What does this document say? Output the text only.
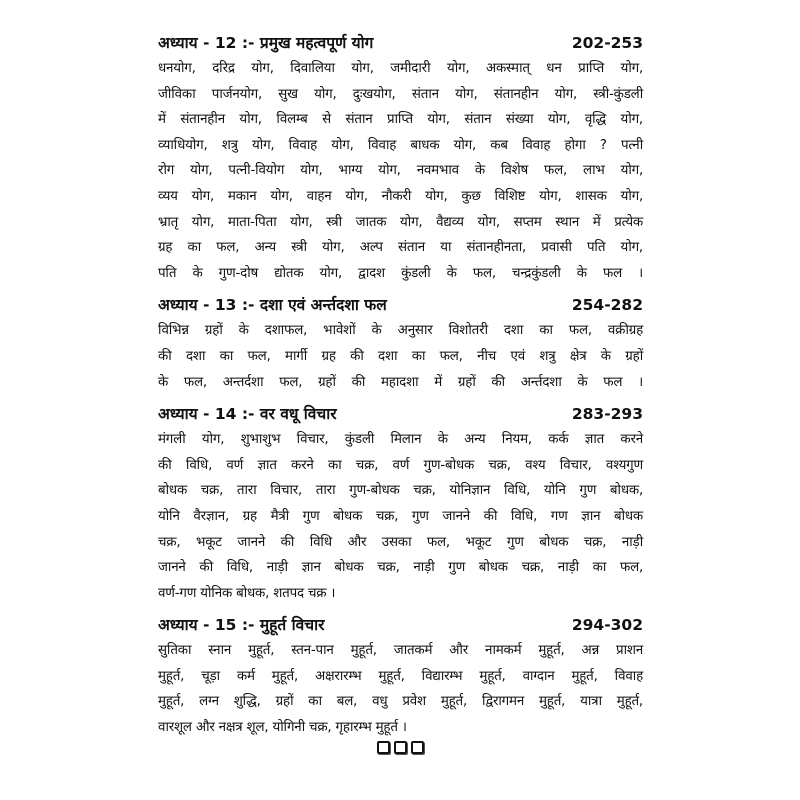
अध्याय - 12 :- प्रमुख महत्वपूर्ण योग	202-253
धनयोग, दरिद्र योग, दिवालिया योग, जमीदारी योग, अकस्मात् धन प्राप्ति योग,
जीविका पार्जनयोग, सुख योग, दुःखयोग, संतान योग, संतानहीन योग, स्त्री-कुंडली
में संतानहीन योग, विलम्ब से संतान प्राप्ति योग, संतान संख्या योग, वृद्धि योग,
व्याधियोग, शत्रु योग, विवाह योग, विवाह बाधक योग, कब विवाह होगा ? पत्नी
रोग योग, पत्नी-वियोग योग, भाग्य योग, नवमभाव के विशेष फल, लाभ योग,
व्यय योग, मकान योग, वाहन योग, नौकरी योग, कुछ विशिष्ट योग, शासक योग,
भ्रातृ योग, माता-पिता योग, स्त्री जातक योग, वैद्यव्य योग, सप्तम स्थान में प्रत्येक
ग्रह का फल, अन्य स्त्री योग, अल्प संतान या संतानहीनता, प्रवासी पति योग,
पति के गुण-दोष द्योतक योग, द्वादश कुंडली के फल, चन्द्रकुंडली के फल ।
अध्याय - 13 :- दशा एवं अर्न्तदशा फल	254-282
विभिन्न ग्रहों के दशाफल, भावेशों के अनुसार विशोतरी दशा का फल, वक्रीग्रह
की दशा का फल, मार्गी ग्रह की दशा का फल, नीच एवं शत्रु क्षेत्र के ग्रहों
के फल, अन्तर्दशा फल, ग्रहों की महादशा में ग्रहों की अर्न्तदशा के फल ।
अध्याय - 14 :- वर वधू विचार	283-293
मंगली योग, शुभाशुभ विचार, कुंडली मिलान के अन्य नियम, कर्क ज्ञात करने
की विधि, वर्ण ज्ञात करने का चक्र, वर्ण गुण-बोधक चक्र, वश्य विचार, वश्यगुण
बोधक चक्र, तारा विचार, तारा गुण-बोधक चक्र, योनिज्ञान विधि, योनि गुण बोधक,
योनि वैरज्ञान, ग्रह मैत्री गुण बोधक चक्र, गुण जानने की विधि, गण ज्ञान बोधक
चक्र, भकूट जानने की विधि और उसका फल, भकूट गुण बोधक चक्र, नाड़ी
जानने की विधि, नाड़ी ज्ञान बोधक चक्र, नाड़ी गुण बोधक चक्र, नाड़ी का फल,
वर्ण-गण योनिक बोधक, शतपद चक्र ।
अध्याय - 15 :- मुहूर्त विचार	294-302
सुतिका स्नान मुहूर्त, स्तन-पान मुहूर्त, जातकर्म और नामकर्म मुहूर्त, अन्न प्राशन
मुहूर्त, चूड़ा कर्म मुहूर्त, अक्षरारम्भ मुहूर्त, विद्यारम्भ मुहूर्त, वाग्दान मुहूर्त, विवाह
मुहूर्त, लग्न शुद्धि, ग्रहों का बल, वधु प्रवेश मुहूर्त, द्विरागमन मुहूर्त, यात्रा मुहूर्त,
वारशूल और नक्षत्र शूल, योगिनी चक्र, गृहारम्भ मुहूर्त ।
